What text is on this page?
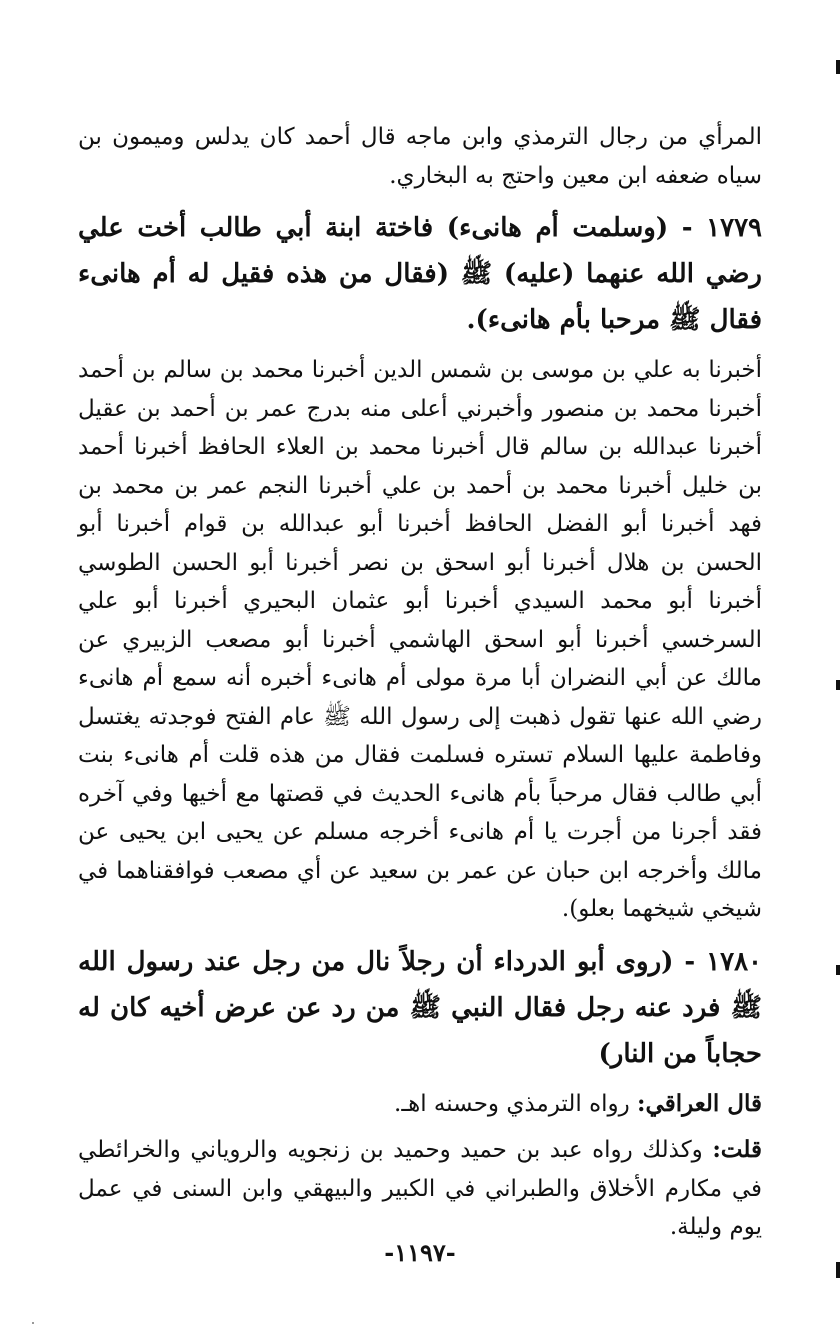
المرأي من رجال الترمذي وابن ماجه قال أحمد كان يدلس وميمون بن سياه ضعفه ابن معين واحتج به البخاري.

١٧٧٩ - (وسلمت أم هانىء) فاختة ابنة أبي طالب أخت علي رضي الله عنهما (عليه) ﷺ (فقال من هذه فقيل له أم هانىء فقال ﷺ مرحبا بأم هانىء).

أخبرنا به علي بن موسى بن شمس الدين أخبرنا محمد بن سالم بن أحمد أخبرنا محمد بن منصور وأخبرني أعلى منه بدرج عمر بن أحمد بن عقيل أخبرنا عبدالله بن سالم قال أخبرنا محمد بن العلاء الحافظ أخبرنا أحمد بن خليل أخبرنا محمد بن أحمد بن علي أخبرنا النجم عمر بن محمد بن فهد أخبرنا أبو الفضل الحافظ أخبرنا أبو عبدالله بن قوام أخبرنا أبو الحسن بن هلال أخبرنا أبو اسحق بن نصر أخبرنا أبو الحسن الطوسي أخبرنا أبو محمد السيدي أخبرنا أبو عثمان البحيري أخبرنا أبو علي السرخسي أخبرنا أبو اسحق الهاشمي أخبرنا أبو مصعب الزبيري عن مالك عن أبي النضران أبا مرة مولى أم هانىء أخبره أنه سمع أم هانىء رضي الله عنها تقول ذهبت إلى رسول الله ﷺ عام الفتح فوجدته يغتسل وفاطمة عليها السلام تستره فسلمت فقال من هذه قلت أم هانىء بنت أبي طالب فقال مرحباً بأم هانىء الحديث في قصتها مع أخيها وفي آخره فقد أجرنا من أجرت يا أم هانىء أخرجه مسلم عن يحيى ابن يحيى عن مالك وأخرجه ابن حبان عن عمر بن سعيد عن أي مصعب فوافقناهما في شيخي شيخهما بعلو).

١٧٨٠ - (روى أبو الدرداء أن رجلاً نال من رجل عند رسول الله ﷺ فرد عنه رجل فقال النبي ﷺ من رد عن عرض أخيه كان له حجاباً من النار)

قال العراقي: رواه الترمذي وحسنه اهـ.

قلت: وكذلك رواه عبد بن حميد وحميد بن زنجويه والروياني والخرائطي في مكارم الأخلاق والطبراني في الكبير والبيهقي وابن السنى في عمل يوم وليلة.

-١١٩٧-
